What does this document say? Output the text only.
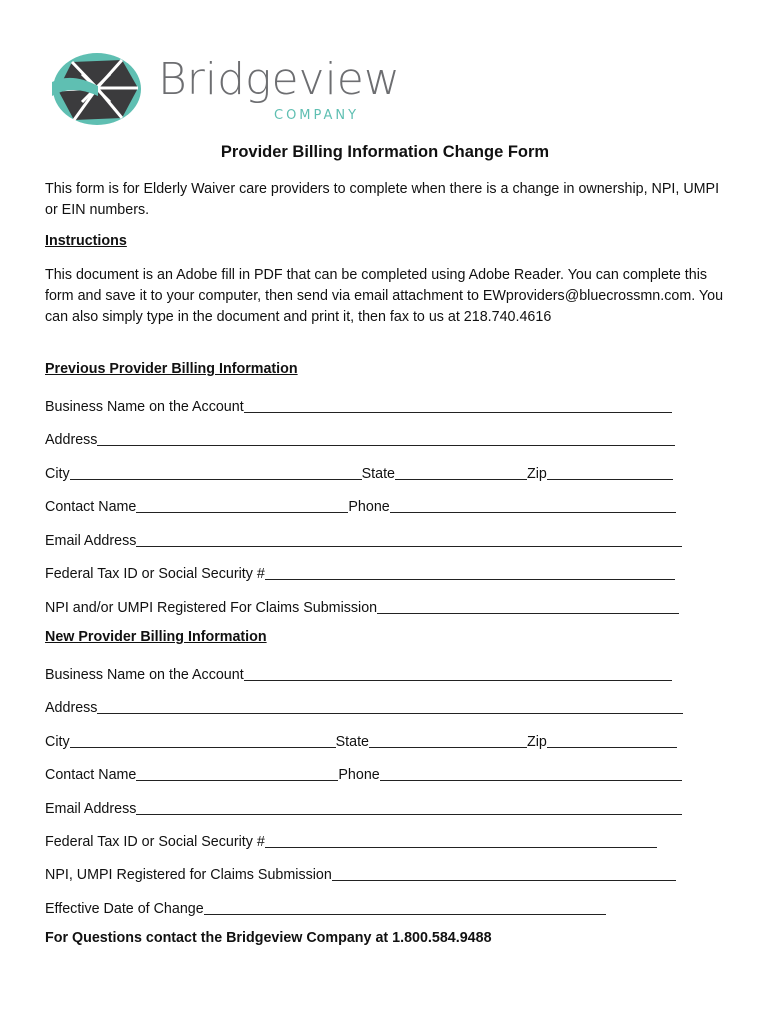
Bridgeview
COMPANY
Provider Billing Information Change Form
This form is for Elderly Waiver care providers to complete when there is a change in ownership, NPI, UMPI or EIN numbers.
Instructions
This document is an Adobe fill in PDF that can be completed using Adobe Reader. You can complete this form and save it to your computer, then send via email attachment to EWproviders@bluecrossmn.com. You can also simply type in the document and print it, then fax to us at 218.740.4616
Previous Provider Billing Information
Business Name on the Account
Address
City	State	Zip
Contact Name	Phone
Email Address
Federal Tax ID or Social Security #
NPI and/or UMPI Registered For Claims Submission
New Provider Billing Information
Business Name on the Account
Address
City	State	Zip
Contact Name	Phone
Email Address
Federal Tax ID or Social Security #
NPI, UMPI Registered for Claims Submission
Effective Date of Change
For Questions contact the Bridgeview Company at 1.800.584.9488
